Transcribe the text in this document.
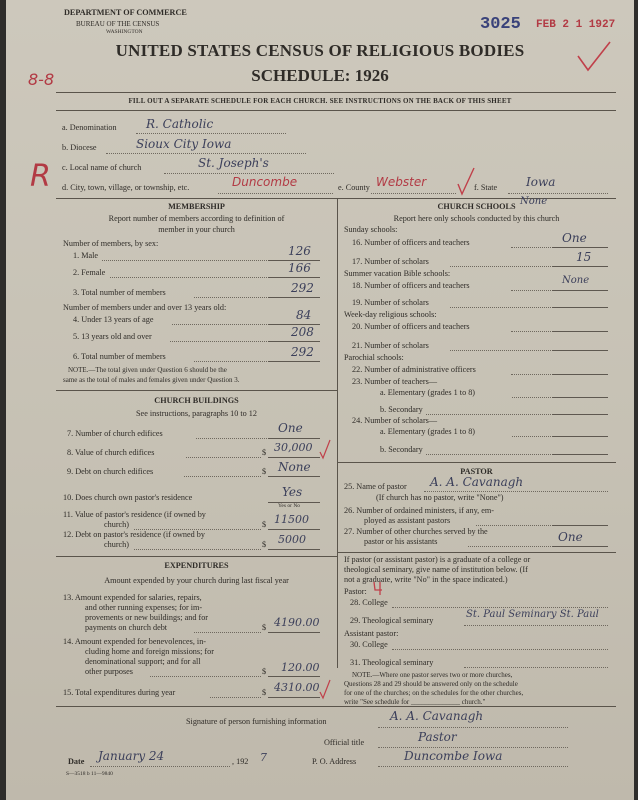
DEPARTMENT OF COMMERCE
BUREAU OF THE CENSUS
WASHINGTON
UNITED STATES CENSUS OF RELIGIOUS BODIES
SCHEDULE: 1926
3025 FEB 2 1 1927
8-8
FILL OUT A SEPARATE SCHEDULE FOR EACH CHURCH. SEE INSTRUCTIONS ON THE BACK OF THIS SHEET
a. Denomination R. Catholic
b. Diocese	Sioux City Iowa
c. Local name of church	St. Joseph's
R d. City, town, village, or township, etc.	Duncombe	e. County Webster	f. State Iowa
MEMBERSHIP
Report number of members according to definition of
member in your church
Number of members, by sex:
1. Male	126
2. Female	166
3. Total number of members	292
Number of members under and over 13 years old:
4. Under 13 years of age	84
5. 13 years old and over	208
6. Total number of members	292
NOTE.—The total given under Question 6 should be the
same as the total of males and females given under Question 3.
CHURCH BUILDINGS
See instructions, paragraphs 10 to 12
7. Number of church edifices	One
8. Value of church edifices	$ 30,000
9. Debt on church edifices	$ None
10. Does church own pastor's residence	Yes
Yes or No
11. Value of pastor's residence (if owned by
church)	$ 11500
12. Debt on pastor's residence (if owned by
church)	$ 5000
EXPENDITURES
Amount expended by your church during last fiscal year
13. Amount expended for salaries, repairs,
and other running expenses; for im-
provements or new buildings; and for
payments on church debt	$ 4190.00
14. Amount expended for benevolences, in-
cluding home and foreign missions; for
denominational support; and for all
other purposes	$ 120.00
15. Total expenditures during year	$ 4310.00
CHURCH SCHOOLS None
Report here only schools conducted by this church
Sunday schools:
16. Number of officers and teachers	One
17. Number of scholars	15
Summer vacation Bible schools:
18. Number of officers and teachers	None
19. Number of scholars
Week-day religious schools:
20. Number of officers and teachers
21. Number of scholars
Parochial schools:
22. Number of administrative officers
23. Number of teachers—
a. Elementary (grades 1 to 8)
b. Secondary
24. Number of scholars—
a. Elementary (grades 1 to 8)
b. Secondary
PASTOR
25. Name of pastor A. A. Cavanagh
(If church has no pastor, write "None")
26. Number of ordained ministers, if any, em-
ployed as assistant pastors
27. Number of other churches served by the
pastor or his assistants	One
If pastor (or assistant pastor) is a graduate of a college or
theological seminary, give name of institution below. (If
not a graduate, write "No" in the space indicated.)
Pastor:
28. College
29. Theological seminary
St. Paul Seminary St. Paul
Assistant pastor:
30. College
31. Theological seminary
NOTE.—Where one pastor serves two or more churches,
Questions 28 and 29 should be answered only on the schedule
for one of the churches; on the schedules for the other churches,
write "See schedule for ______________ church."
Signature of person furnishing information	A. A. Cavanagh
Official title	Pastor
Date January 24	, 192 7	P. O. Address	Duncombe Iowa
S—3518 b 11—9840
